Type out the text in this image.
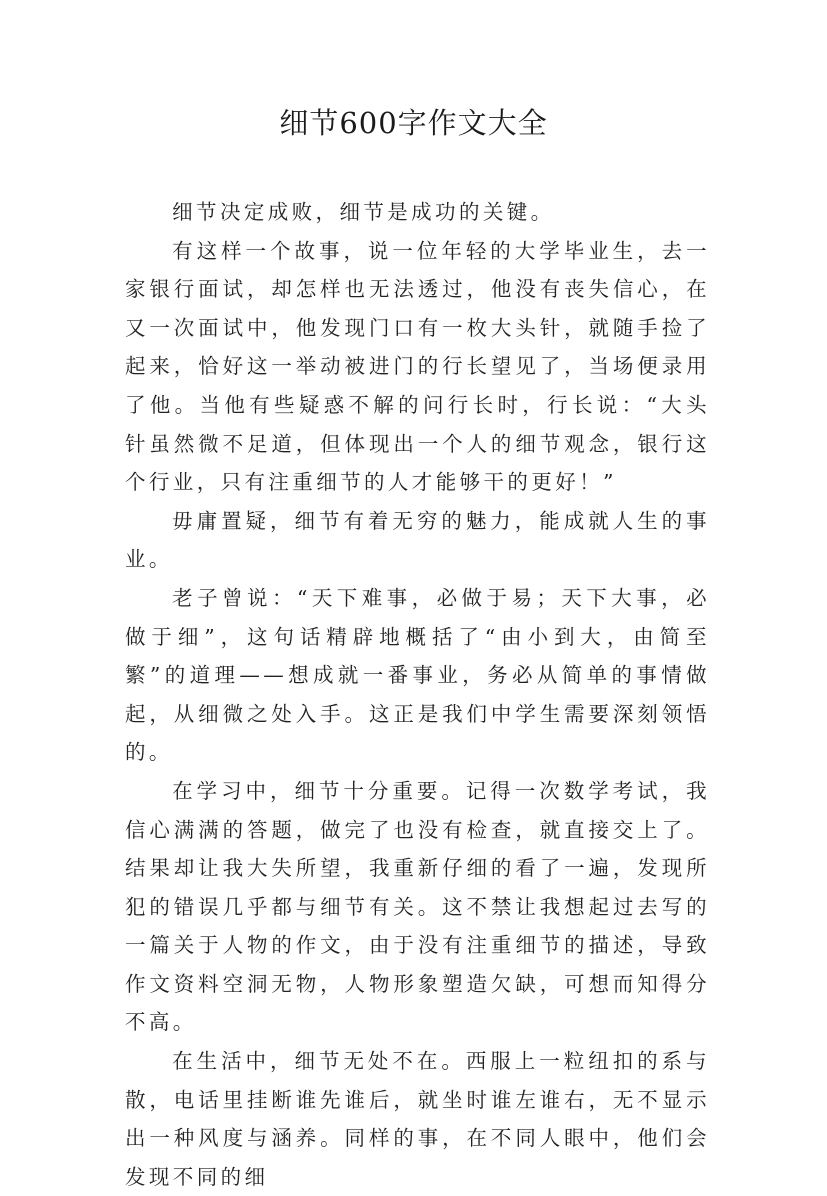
细节600字作文大全

细节决定成败，细节是成功的关键。

有这样一个故事，说一位年轻的大学毕业生，去一家银行面试，却怎样也无法透过，他没有丧失信心，在又一次面试中，他发现门口有一枚大头针，就随手捡了起来，恰好这一举动被进门的行长望见了，当场便录用了他。当他有些疑惑不解的问行长时，行长说：“大头针虽然微不足道，但体现出一个人的细节观念，银行这个行业，只有注重细节的人才能够干的更好！”

毋庸置疑，细节有着无穷的魅力，能成就人生的事业。

老子曾说：“天下难事，必做于易；天下大事，必做于细”，这句话精辟地概括了“由小到大，由简至繁”的道理——想成就一番事业，务必从简单的事情做起，从细微之处入手。这正是我们中学生需要深刻领悟的。

在学习中，细节十分重要。记得一次数学考试，我信心满满的答题，做完了也没有检查，就直接交上了。结果却让我大失所望，我重新仔细的看了一遍，发现所犯的错误几乎都与细节有关。这不禁让我想起过去写的一篇关于人物的作文，由于没有注重细节的描述，导致作文资料空洞无物，人物形象塑造欠缺，可想而知得分不高。

在生活中，细节无处不在。西服上一粒纽扣的系与散，电话里挂断谁先谁后，就坐时谁左谁右，无不显示出一种风度与涵养。同样的事，在不同人眼中，他们会发现不同的细
